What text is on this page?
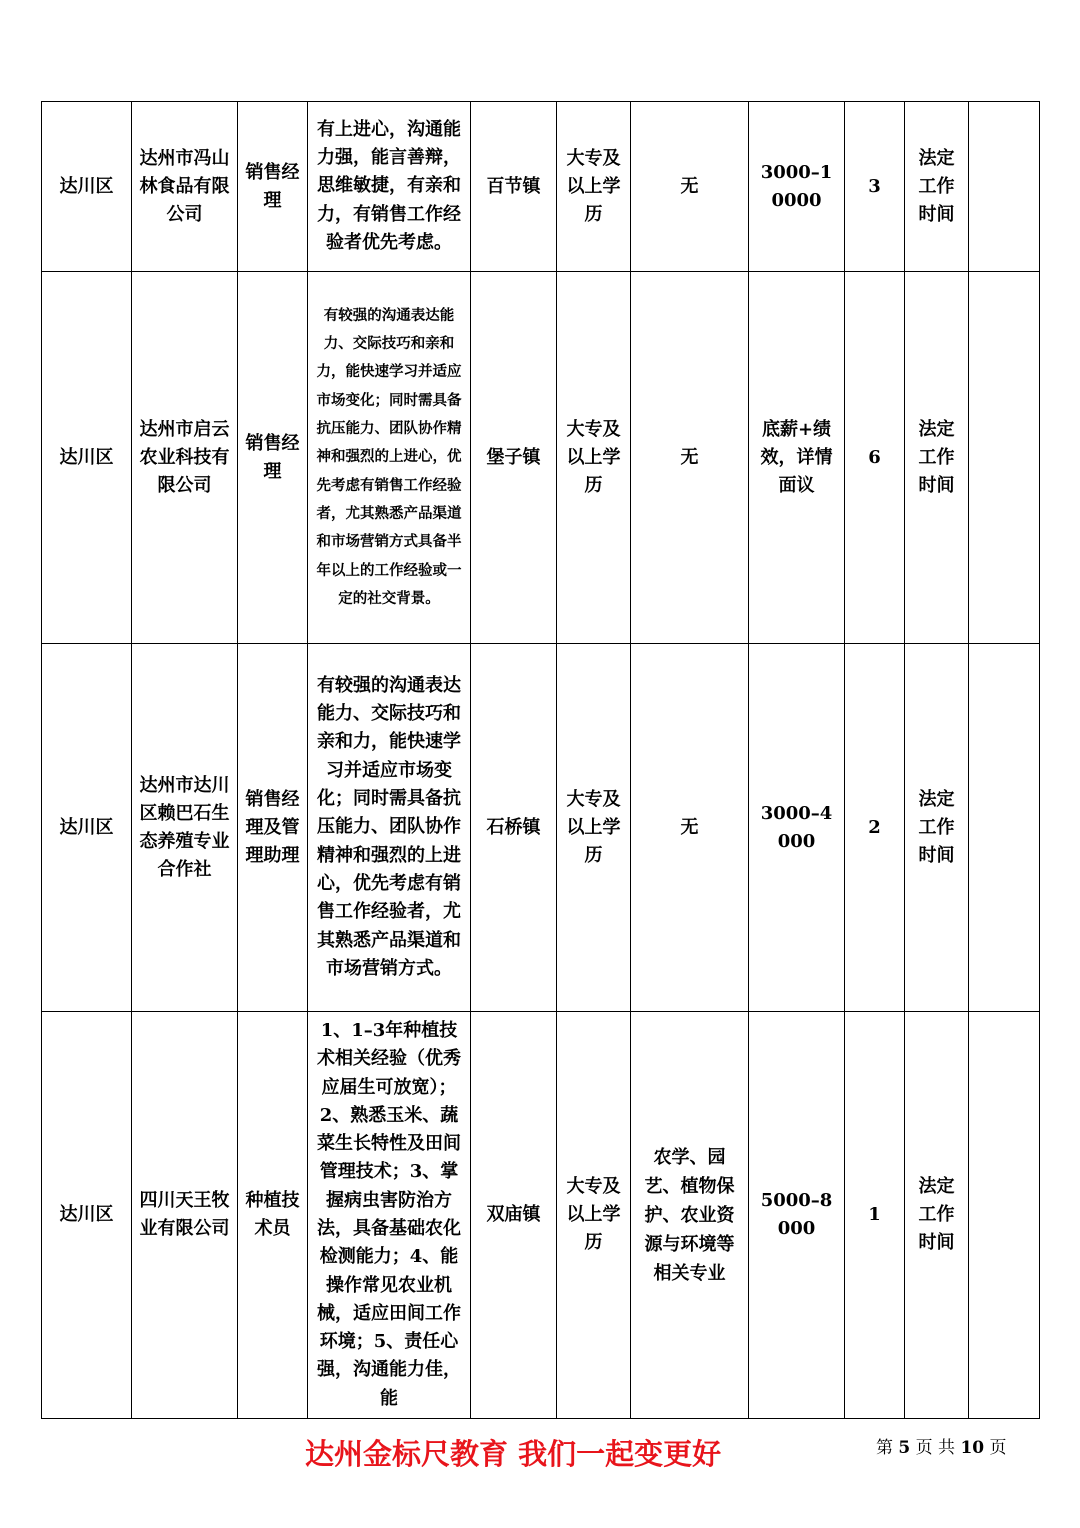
达川区	达州市冯山林食品有限公司	销售经理	有上进心，沟通能力强，能言善辩，思维敏捷，有亲和力，有销售工作经验者优先考虑。	百节镇	大专及以上学历	无	3000–10000	3	法定工作时间	
达川区	达州市启云农业科技有限公司	销售经理	有较强的沟通表达能力、交际技巧和亲和力，能快速学习并适应市场变化；同时需具备抗压能力、团队协作精神和强烈的上进心，优先考虑有销售工作经验者，尤其熟悉产品渠道和市场营销方式具备半年以上的工作经验或一定的社交背景。	堡子镇	大专及以上学历	无	底薪+绩效，详情面议	6	法定工作时间	
达川区	达州市达川区赖巴石生态养殖专业合作社	销售经理及管理助理	有较强的沟通表达能力、交际技巧和亲和力，能快速学习并适应市场变化；同时需具备抗压能力、团队协作精神和强烈的上进心，优先考虑有销售工作经验者，尤其熟悉产品渠道和市场营销方式。	石桥镇	大专及以上学历	无	3000–4000	2	法定工作时间	
达川区	四川天王牧业有限公司	种植技术员	1、1–3年种植技术相关经验（优秀应届生可放宽）；2、熟悉玉米、蔬菜生长特性及田间管理技术；3、掌握病虫害防治方法，具备基础农化检测能力；4、能操作常见农业机械，适应田间工作环境；5、责任心强，沟通能力佳，能	双庙镇	大专及以上学历	农学、园艺、植物保护、农业资源与环境等相关专业	5000–8000	1	法定工作时间	
达州金标尺教育 我们一起变更好	第 5 页 共 10 页
